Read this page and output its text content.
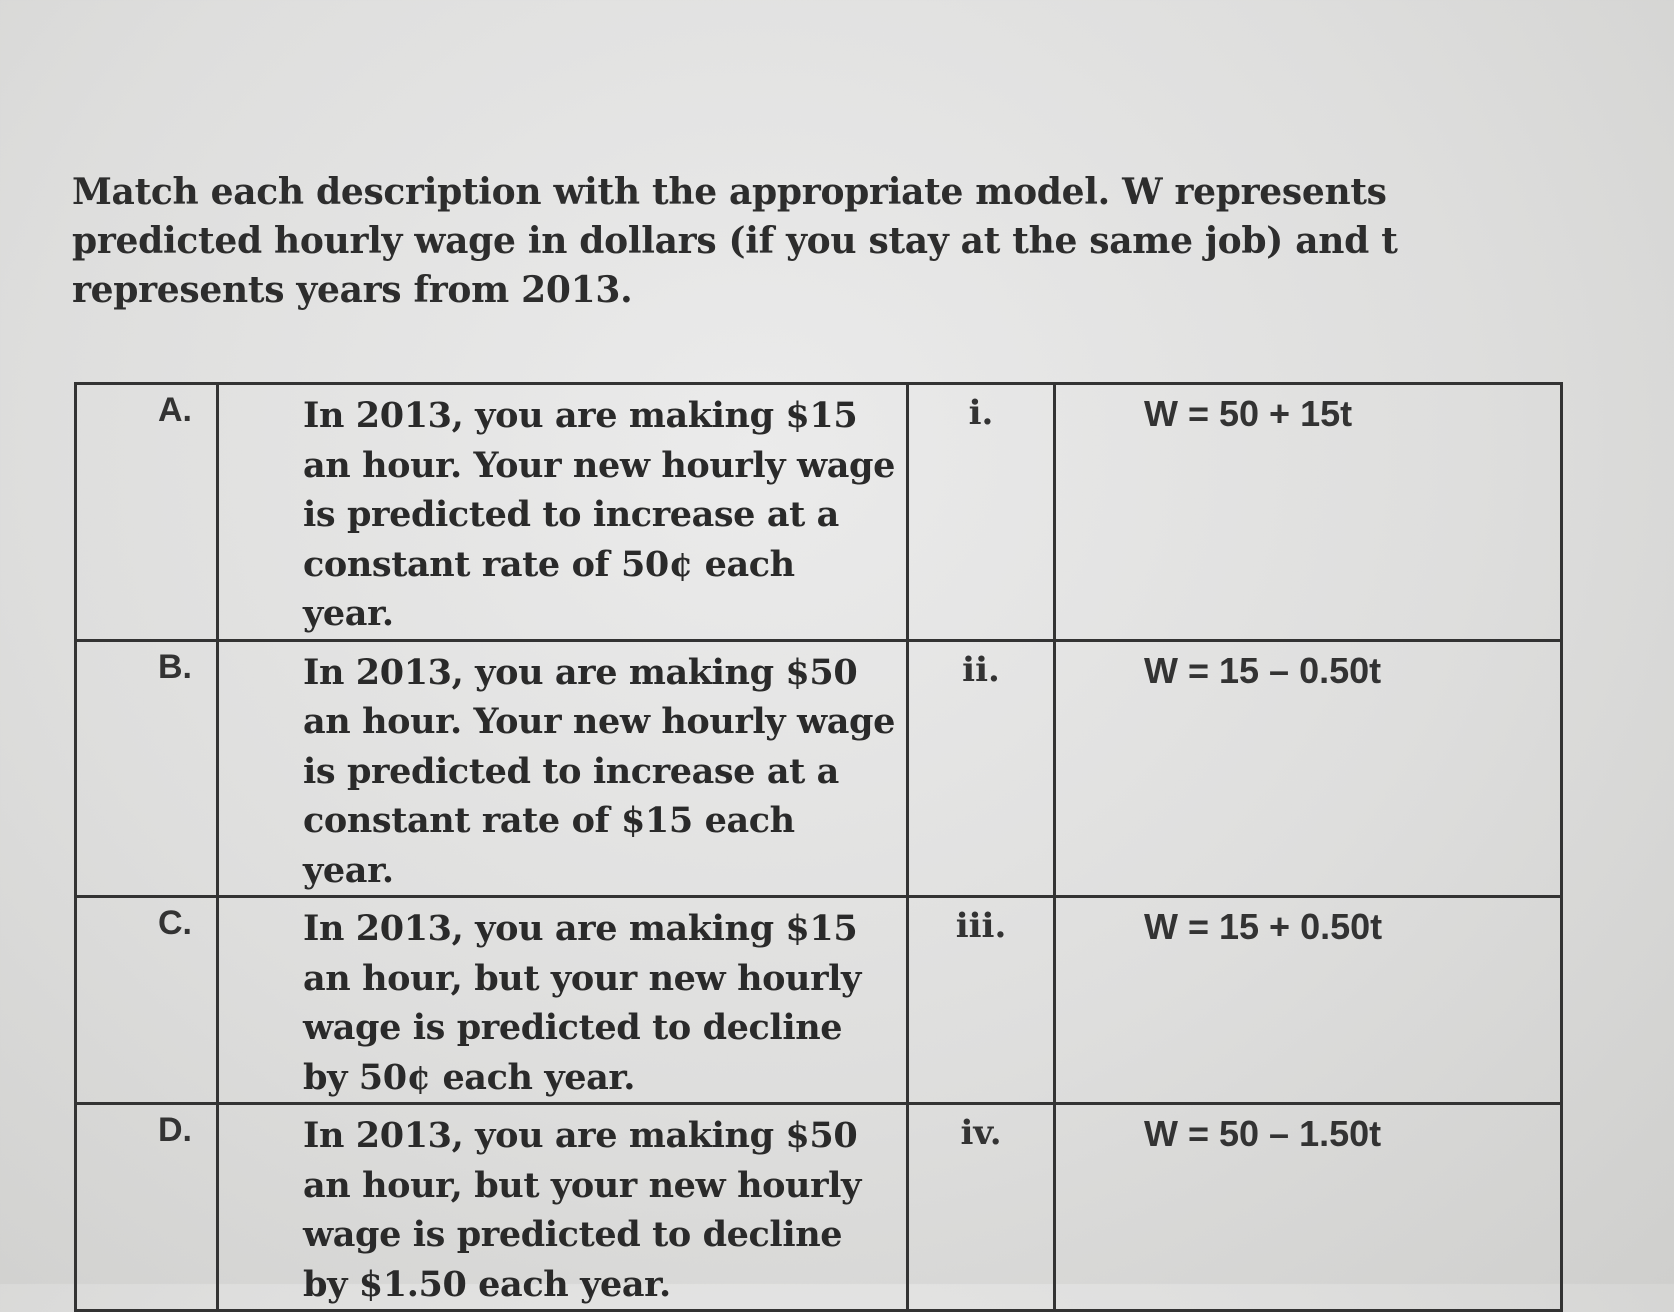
Match each description with the appropriate model. W represents predicted hourly wage in dollars (if you stay at the same job) and t represents years from 2013.
A.	In 2013, you are making $15 an hour. Your new hourly wage is predicted to increase at a constant rate of 50¢ each year.	i.	W = 50 + 15t
B.	In 2013, you are making $50 an hour. Your new hourly wage is predicted to increase at a constant rate of $15 each year.	ii.	W = 15 – 0.50t
C.	In 2013, you are making $15 an hour, but your new hourly wage is predicted to decline by 50¢ each year.	iii.	W = 15 + 0.50t
D.	In 2013, you are making $50 an hour, but your new hourly wage is predicted to decline by $1.50 each year.	iv.	W = 50 – 1.50t
